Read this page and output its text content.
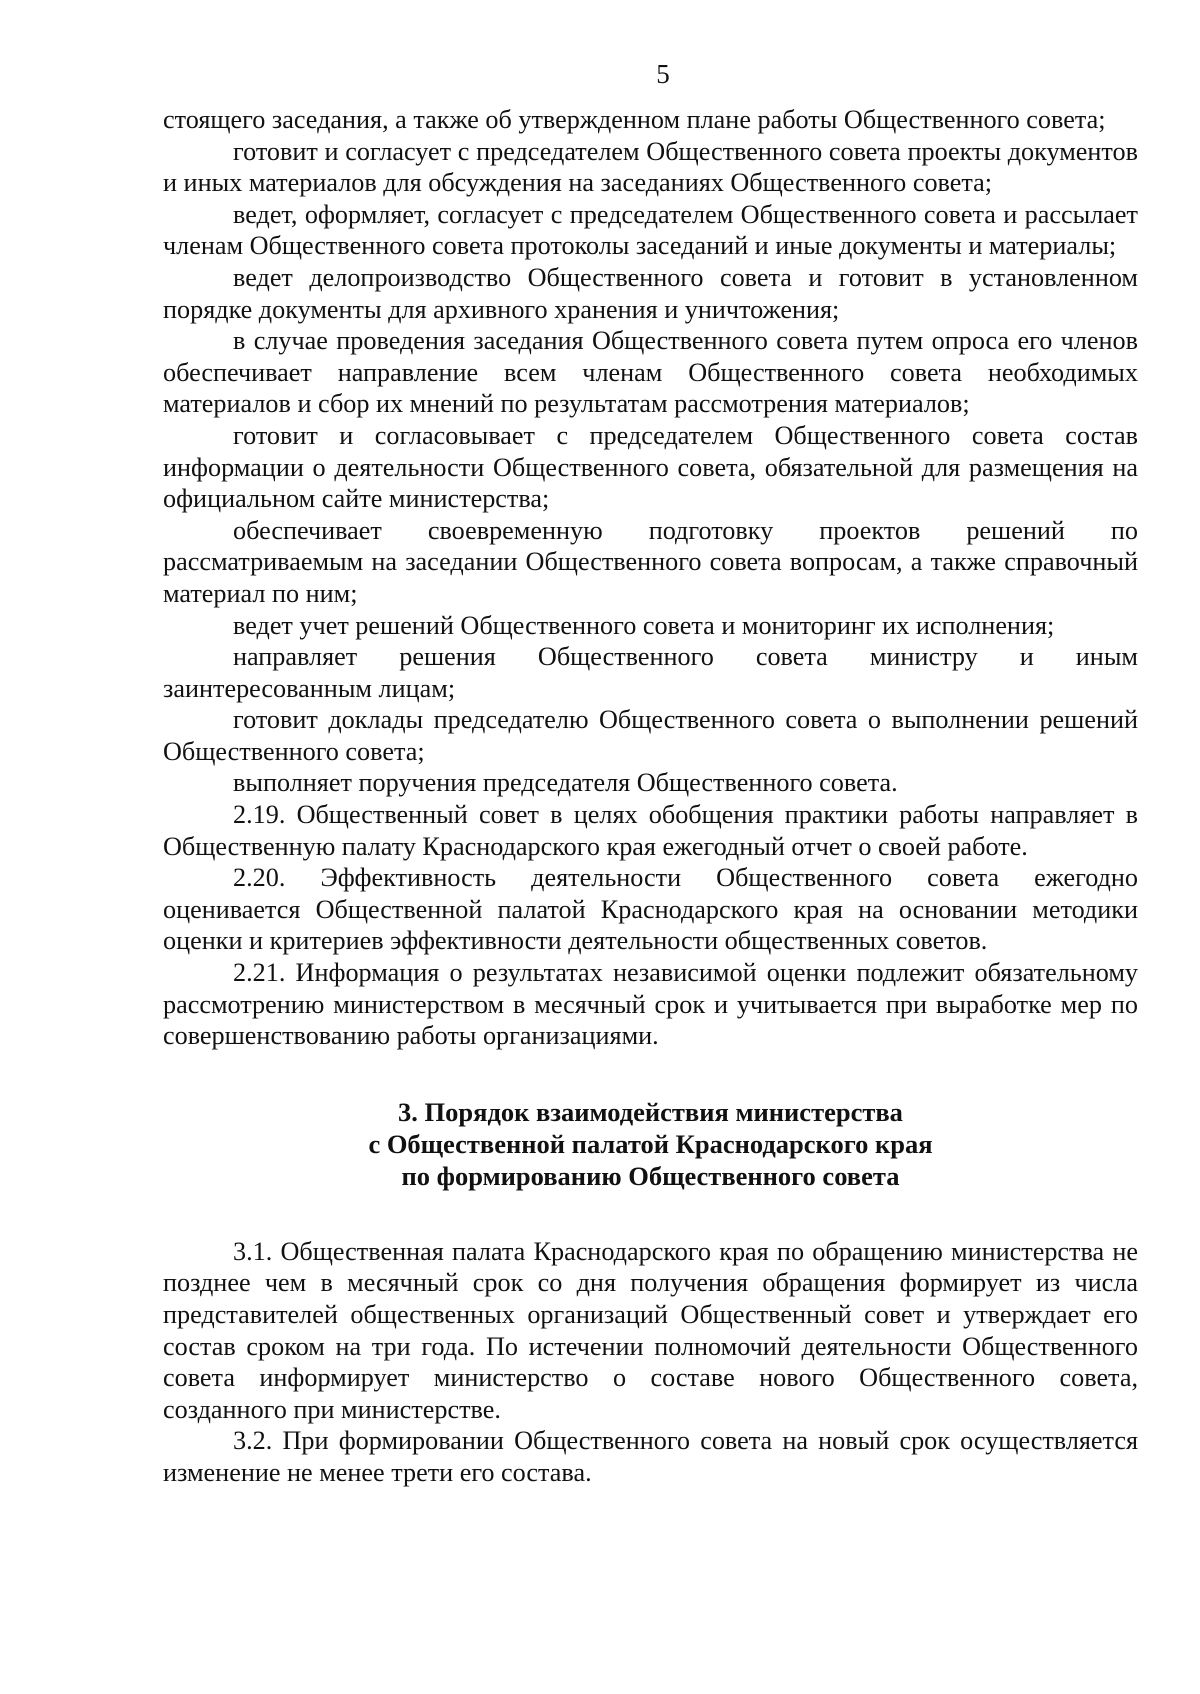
5

стоящего заседания, а также об утвержденном плане работы Общественного совета;

готовит и согласует с председателем Общественного совета проекты документов и иных материалов для обсуждения на заседаниях Общественного совета;

ведет, оформляет, согласует с председателем Общественного совета и рассылает членам Общественного совета протоколы заседаний и иные документы и материалы;

ведет делопроизводство Общественного совета и готовит в установленном порядке документы для архивного хранения и уничтожения;

в случае проведения заседания Общественного совета путем опроса его членов обеспечивает направление всем членам Общественного совета необходимых материалов и сбор их мнений по результатам рассмотрения материалов;

готовит и согласовывает с председателем Общественного совета состав информации о деятельности Общественного совета, обязательной для размещения на официальном сайте министерства;

обеспечивает своевременную подготовку проектов решений по рассматриваемым на заседании Общественного совета вопросам, а также справочный материал по ним;

ведет учет решений Общественного совета и мониторинг их исполнения;

направляет решения Общественного совета министру и иным заинтересованным лицам;

готовит доклады председателю Общественного совета о выполнении решений Общественного совета;

выполняет поручения председателя Общественного совета.

2.19. Общественный совет в целях обобщения практики работы направляет в Общественную палату Краснодарского края ежегодный отчет о своей работе.

2.20. Эффективность деятельности Общественного совета ежегодно оценивается Общественной палатой Краснодарского края на основании методики оценки и критериев эффективности деятельности общественных советов.

2.21. Информация о результатах независимой оценки подлежит обязательному рассмотрению министерством в месячный срок и учитывается при выработке мер по совершенствованию работы организациями.

3. Порядок взаимодействия министерства
с Общественной палатой Краснодарского края
по формированию Общественного совета

3.1. Общественная палата Краснодарского края по обращению министерства не позднее чем в месячный срок со дня получения обращения формирует из числа представителей общественных организаций Общественный совет и утверждает его состав сроком на три года. По истечении полномочий деятельности Общественного совета информирует министерство о составе нового Общественного совета, созданного при министерстве.

3.2. При формировании Общественного совета на новый срок осуществляется изменение не менее трети его состава.
